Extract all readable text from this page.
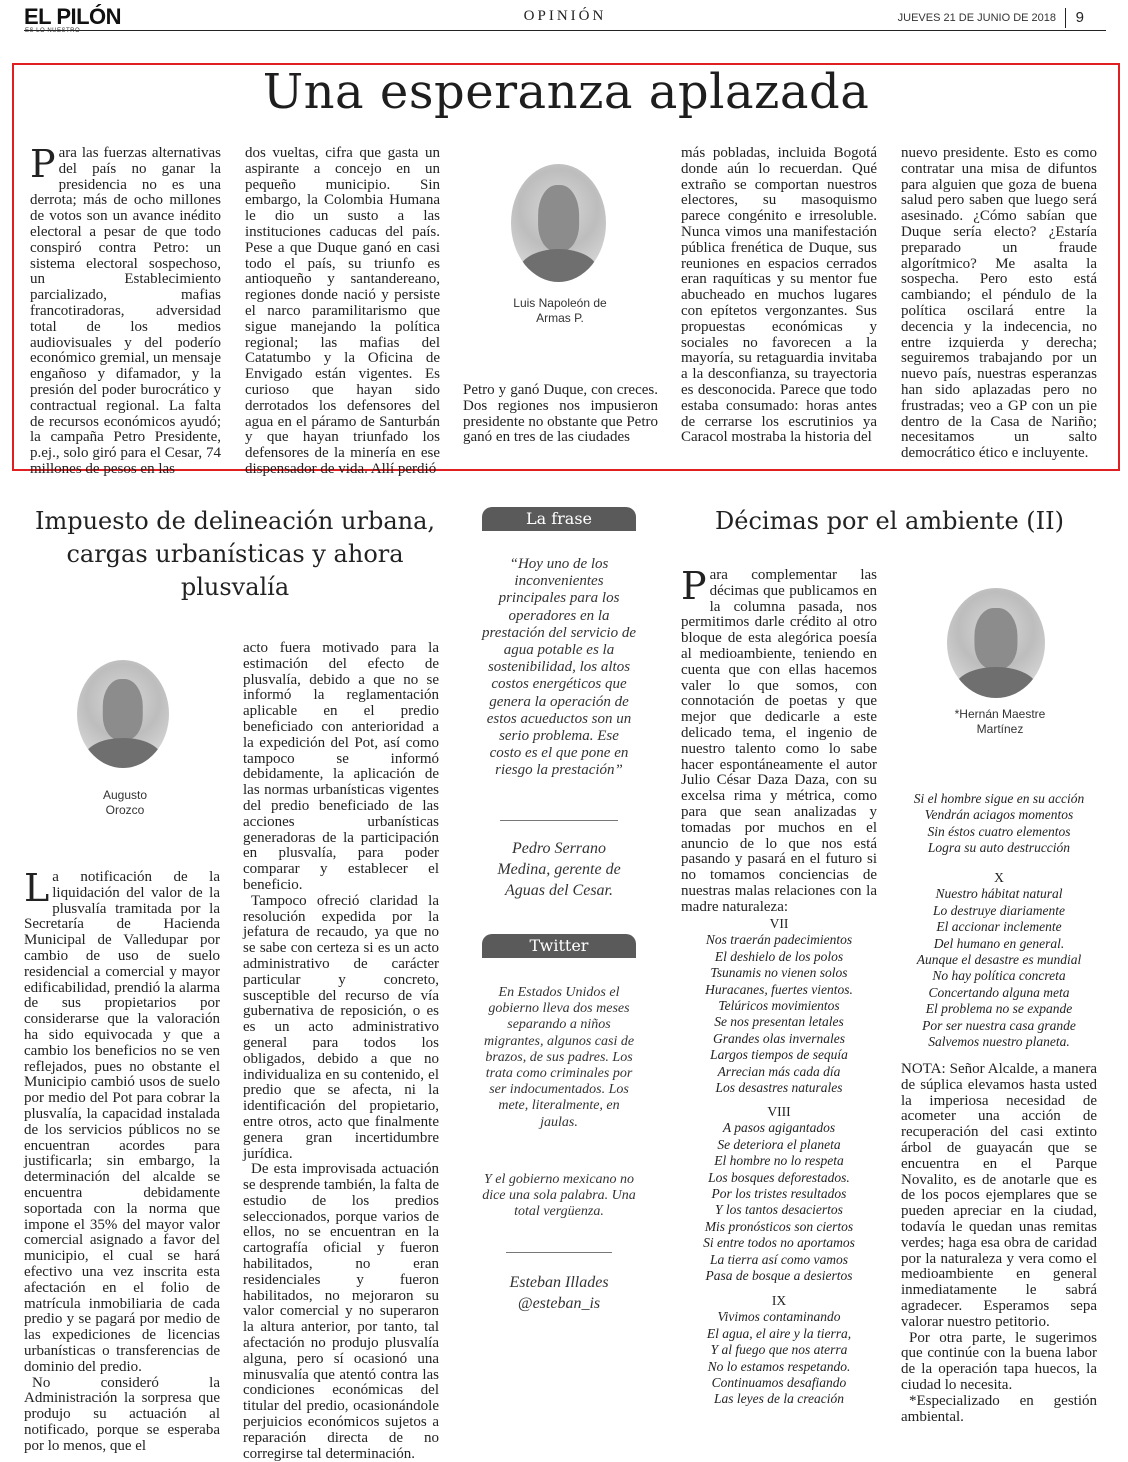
EL PILÓN
ES LO NUESTRO
OPINIÓN	JUEVES 21 DE JUNIO DE 2018 9
Una esperanza aplazada

Para las fuerzas alternativas del país no ganar la presidencia no es una derrota; más de ocho millones de votos son un avance inédito electoral a pesar de que todo conspiró contra Petro: un sistema electoral sospechoso, un Establecimiento parcializado, mafias francotiradoras, adversidad total de los medios audiovisuales y del poderío económico gremial, un mensaje engañoso y difamador, y la presión del poder burocrático y contractual regional. La falta de recursos económicos ayudó; la campaña Petro Presidente, p.ej., solo giró para el Cesar, 74 millones de pesos en las

dos vueltas, cifra que gasta un aspirante a concejo en un pequeño municipio. Sin embargo, la Colombia Humana le dio un susto a las instituciones caducas del país. Pese a que Duque ganó en casi todo el país, su triunfo es antioqueño y santandereano, regiones donde nació y persiste el narco paramilitarismo que sigue manejando la política regional; las mafias del Catatumbo y la Oficina de Envigado están vigentes. Es curioso que hayan sido derrotados los defensores del agua en el páramo de Santurbán y que hayan triunfado los defensores de la minería en ese dispensador de vida. Allí perdió

Luis Napoleón de Armas P.

Petro y ganó Duque, con creces. Dos regiones nos impusieron presidente no obstante que Petro ganó en tres de las ciudades

más pobladas, incluida Bogotá donde aún lo recuerdan. Qué extraño se comportan nuestros electores, su masoquismo parece congénito e irresoluble. Nunca vimos una manifestación pública frenética de Duque, sus reuniones en espacios cerrados eran raquíticas y su mentor fue abucheado en muchos lugares con epítetos vergonzantes. Sus propuestas económicas y sociales no favorecen a la mayoría, su retaguardia invitaba a la desconfianza, su trayectoria es desconocida. Parece que todo estaba consumado: horas antes de cerrarse los escrutinios ya Caracol mostraba la historia del

nuevo presidente. Esto es como contratar una misa de difuntos para alguien que goza de buena salud pero saben que luego será asesinado. ¿Cómo sabían que Duque sería electo? ¿Estaría preparado un fraude algorítmico? Me asalta la sospecha. Pero esto está cambiando; el péndulo de la política oscilará entre la decencia y la indecencia, no entre izquierda y derecha; seguiremos trabajando por un nuevo país, nuestras esperanzas han sido aplazadas pero no frustradas; veo a GP con un pie dentro de la Casa de Nariño; necesitamos un salto democrático ético e incluyente.

Impuesto de delineación urbana, cargas urbanísticas y ahora plusvalía
Augusto Orozco

La notificación de la liquidación del valor de la plusvalía tramitada por la Secretaría de Hacienda Municipal de Valledupar por cambio de uso de suelo residencial a comercial y mayor edificabilidad, prendió la alarma de sus propietarios por considerarse que la valoración ha sido equivocada y que a cambio los beneficios no se ven reflejados, pues no obstante el Municipio cambió usos de suelo por medio del Pot para cobrar la plusvalía, la capacidad instalada de los servicios públicos no se encuentran acordes para justificarla; sin embargo, la determinación del alcalde se encuentra debidamente soportada con la norma que impone el 35% del mayor valor comercial asignado a favor del municipio, el cual se hará efectivo una vez inscrita esta afectación en el folio de matrícula inmobiliaria de cada predio y se pagará por medio de las expediciones de licencias urbanísticas o transferencias de dominio del predio.

No consideró la Administración la sorpresa que produjo su actuación al notificado, porque se esperaba por lo menos, que el

acto fuera motivado para la estimación del efecto de plusvalía, debido a que no se informó la reglamentación aplicable en el predio beneficiado con anterioridad a la expedición del Pot, así como tampoco se informó debidamente, la aplicación de las normas urbanísticas vigentes del predio beneficiado de las acciones urbanísticas generadoras de la participación en plusvalía, para poder comparar y establecer el beneficio.

Tampoco ofreció claridad la resolución expedida por la jefatura de recaudo, ya que no se sabe con certeza si es un acto administrativo de carácter particular y concreto, susceptible del recurso de vía gubernativa de reposición, o es es un acto administrativo general para todos los obligados, debido a que no individualiza en su contenido, el predio que se afecta, ni la identificación del propietario, entre otros, acto que finalmente genera gran incertidumbre jurídica.

De esta improvisada actuación se desprende también, la falta de estudio de los predios seleccionados, porque varios de ellos, no se encuentran en la cartografía oficial y fueron habilitados, no eran residenciales y fueron habilitados, no mejoraron su valor comercial y no superaron la altura anterior, por tanto, tal afectación no produjo plusvalía alguna, pero sí ocasionó una minusvalía que atentó contra las condiciones económicas del titular del predio, ocasionándole perjuicios económicos sujetos a reparación directa de no corregirse tal determinación.

La frase
“Hoy uno de los inconvenientes principales para los operadores en la prestación del servicio de agua potable es la sostenibilidad, los altos costos energéticos que genera la operación de estos acueductos son un serio problema. Ese costo es el que pone en riesgo la prestación”
Pedro Serrano Medina, gerente de Aguas del Cesar.
Twitter
En Estados Unidos el gobierno lleva dos meses separando a niños migrantes, algunos casi de brazos, de sus padres. Los trata como criminales por ser indocumentados. Los mete, literalmente, en jaulas.
Y el gobierno mexicano no dice una sola palabra. Una total vergüenza.
Esteban Illades @esteban_is
Décimas por el ambiente (II)

Para complementar las décimas que publicamos en la columna pasada, nos permitimos darle crédito al otro bloque de esta alegórica poesía al medioambiente, teniendo en cuenta que con ellas hacemos valer lo que somos, con connotación de poetas y que mejor que dedicarle a este delicado tema, el ingenio de nuestro talento como lo sabe hacer espontáneamente el autor Julio César Daza Daza, con su excelsa rima y métrica, como para que sean analizadas y tomadas por muchos en el anuncio de lo que nos está pasando y pasará en el futuro si no tomamos conciencias de nuestras malas relaciones con la madre naturaleza:

*Hernán Maestre Martínez
VII
Nos traerán padecimientos
El deshielo de los polos
Tsunamis no vienen solos
Huracanes, fuertes vientos.
Telúricos movimientos
Se nos presentan letales
Grandes olas invernales
Largos tiempos de sequía
Arrecian más cada día
Los desastres naturales
VIII
A pasos agigantados
Se deteriora el planeta
El hombre no lo respeta
Los bosques deforestados.
Por los tristes resultados
Y los tantos desaciertos
Mis pronósticos son ciertos
Si entre todos no aportamos
La tierra así como vamos
Pasa de bosque a desiertos
IX
Vivimos contaminando
El agua, el aire y la tierra,
Y al fuego que nos aterra
No lo estamos respetando.
Continuamos desafiando
Las leyes de la creación
Si el hombre sigue en su acción
Vendrán aciagos momentos
Sin éstos cuatro elementos
Logra su auto destrucción
X
Nuestro hábitat natural
Lo destruye diariamente
El accionar inclemente
Del humano en general.
Aunque el desastre es mundial
No hay política concreta
Concertando alguna meta
El problema no se expande
Por ser nuestra casa grande
Salvemos nuestro planeta.

NOTA: Señor Alcalde, a manera de súplica elevamos hasta usted la imperiosa necesidad de acometer una acción de recuperación del casi extinto árbol de guayacán que se encuentra en el Parque Novalito, es de anotarle que es de los pocos ejemplares que se pueden apreciar en la ciudad, todavía le quedan unas remitas verdes; haga esa obra de caridad por la naturaleza y vera como el medioambiente en general inmediatamente le sabrá agradecer. Esperamos sepa valorar nuestro petitorio.

Por otra parte, le sugerimos que continúe con la buena labor de la operación tapa huecos, la ciudad lo necesita.

*Especializado en gestión ambiental.
